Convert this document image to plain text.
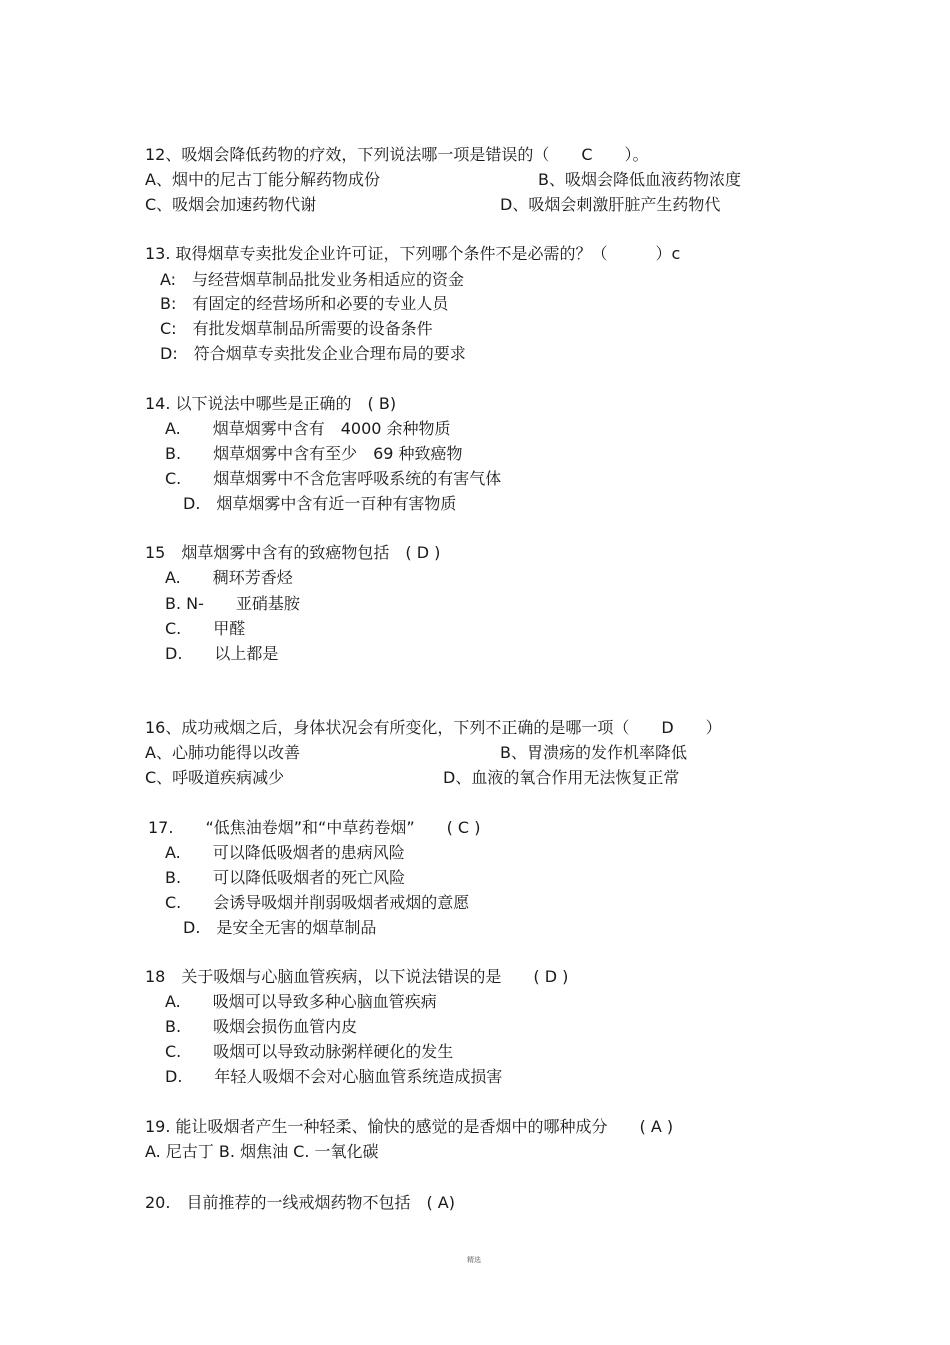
12、吸烟会降低药物的疗效，下列说法哪一项是错误的（　　C　　）。
A、烟中的尼古丁能分解药物成份	B、吸烟会降低血液药物浓度
C、吸烟会加速药物代谢	D、吸烟会刺激肝脏产生药物代
13. 取得烟草专卖批发企业许可证，下列哪个条件不是必需的？（　　　）c
A:　与经营烟草制品批发业务相适应的资金
B:　有固定的经营场所和必要的专业人员
C:　有批发烟草制品所需要的设备条件
D:　符合烟草专卖批发企业合理布局的要求
14. 以下说法中哪些是正确的　( B)
A.　　烟草烟雾中含有　4000 余种物质
B.　　烟草烟雾中含有至少　69 种致癌物
C.　　烟草烟雾中不含危害呼吸系统的有害气体
D.　烟草烟雾中含有近一百种有害物质
15　烟草烟雾中含有的致癌物包括　( D )
A.　　稠环芳香烃
B. N-　　亚硝基胺
C.　　甲醛
D.　　以上都是
16、成功戒烟之后，身体状况会有所变化，下列不正确的是哪一项（　　D　　）
A、心肺功能得以改善	B、胃溃疡的发作机率降低
C、呼吸道疾病减少	D、血液的氧合作用无法恢复正常
17.　　“低焦油卷烟”和“中草药卷烟”　　( C )
A.　　可以降低吸烟者的患病风险
B.　　可以降低吸烟者的死亡风险
C.　　会诱导吸烟并削弱吸烟者戒烟的意愿
D.　是安全无害的烟草制品
18　关于吸烟与心脑血管疾病，以下说法错误的是　　( D )
A.　　吸烟可以导致多种心脑血管疾病
B.　　吸烟会损伤血管内皮
C.　　吸烟可以导致动脉粥样硬化的发生
D.　　年轻人吸烟不会对心脑血管系统造成损害
19. 能让吸烟者产生一种轻柔、愉快的感觉的是香烟中的哪种成分　　( A )
A. 尼古丁 B. 烟焦油 C. 一氧化碳
20.　目前推荐的一线戒烟药物不包括　( A)
精选
